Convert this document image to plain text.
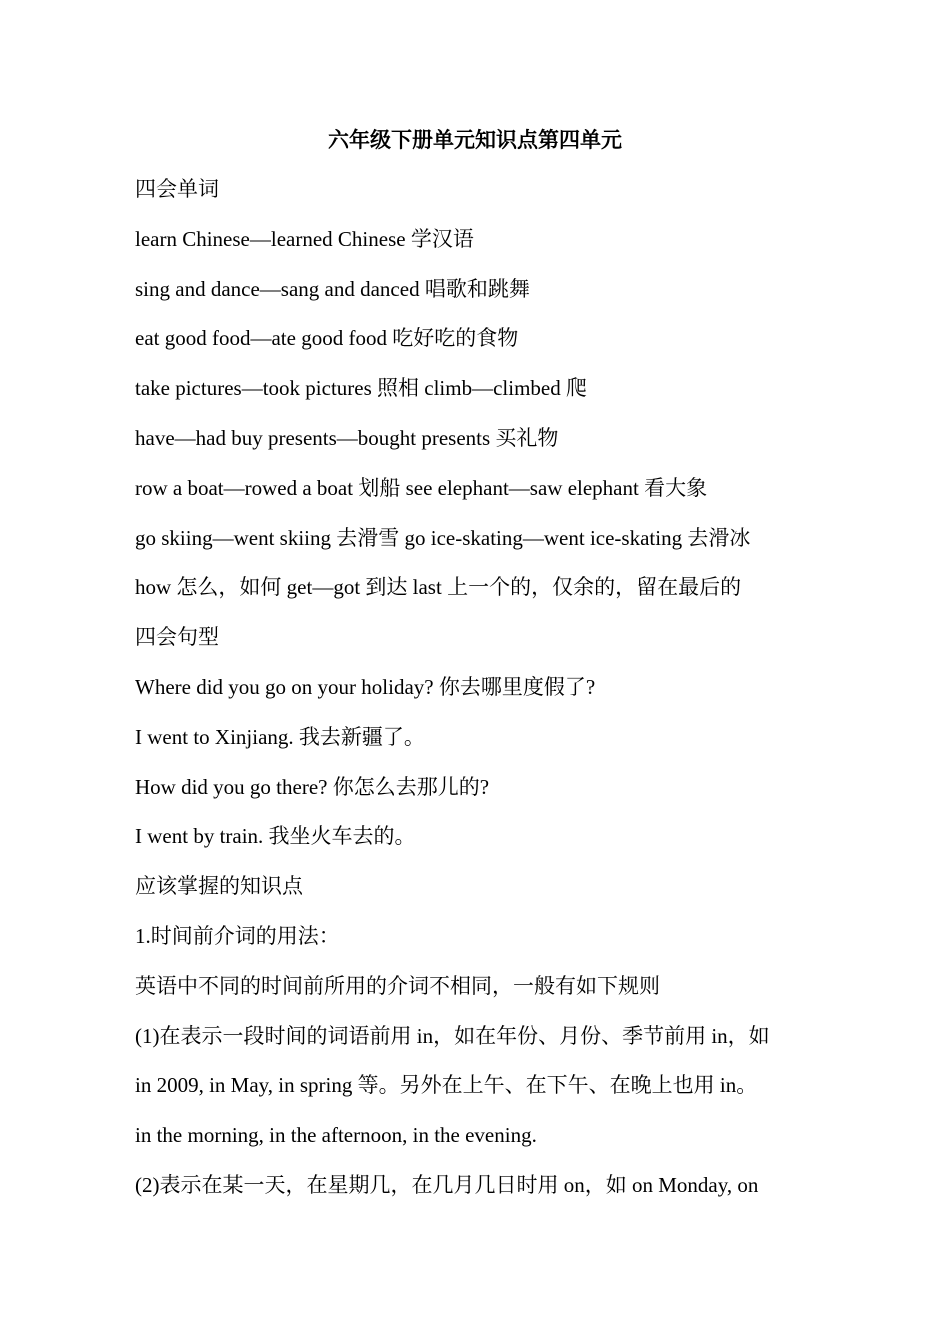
六年级下册单元知识点第四单元
四会单词
learn Chinese—learned Chinese 学汉语
sing and dance—sang and danced 唱歌和跳舞
eat good food—ate good food 吃好吃的食物
take pictures—took pictures 照相 climb—climbed 爬
have—had buy presents—bought presents 买礼物
row a boat—rowed a boat 划船 see elephant—saw elephant 看大象
go skiing—went skiing 去滑雪 go ice-skating—went ice-skating 去滑冰
how 怎么，如何 get—got 到达 last 上一个的，仅余的，留在最后的
四会句型
Where did you go on your holiday? 你去哪里度假了?
I went to Xinjiang. 我去新疆了。
How did you go there? 你怎么去那儿的?
I went by train. 我坐火车去的。
应该掌握的知识点
1.时间前介词的用法：
英语中不同的时间前所用的介词不相同，一般有如下规则
(1)在表示一段时间的词语前用 in，如在年份、月份、季节前用 in，如
in 2009, in May, in spring 等。另外在上午、在下午、在晚上也用 in。
in the morning, in the afternoon, in the evening.
(2)表示在某一天，在星期几，在几月几日时用 on，如 on Monday, on
